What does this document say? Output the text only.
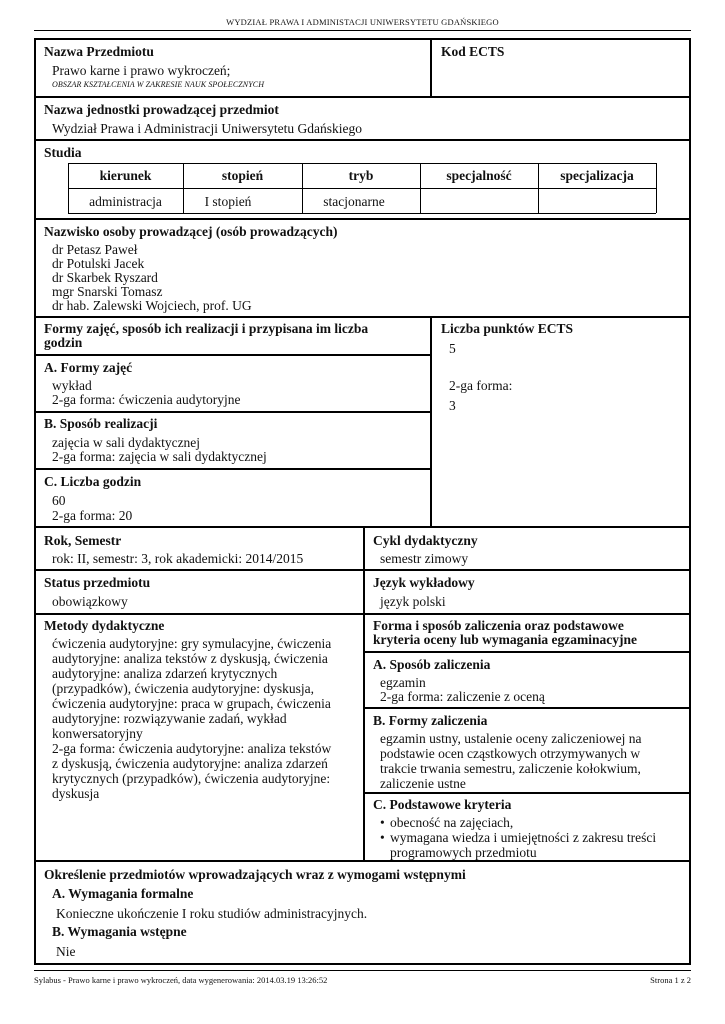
WYDZIAŁ PRAWA I ADMINISTACJI UNIWERSYTETU GDAŃSKIEGO
Nazwa Przedmiotu
Prawo karne i prawo wykroczeń;
OBSZAR KSZTAŁCENIA W ZAKRESIE NAUK SPOŁECZNYCH
Kod ECTS
Nazwa jednostki prowadzącej przedmiot
Wydział Prawa i Administracji Uniwersytetu Gdańskiego
Studia
kierunek	stopień	tryb	specjalność	specjalizacja
administracja	I stopień	stacjonarne
Nazwisko osoby prowadzącej (osób prowadzących)
dr Petasz Paweł
dr Potulski Jacek
dr Skarbek Ryszard
mgr Snarski Tomasz
dr hab. Zalewski Wojciech, prof. UG
Formy zajęć, sposób ich realizacji i przypisana im liczba
godzin
A. Formy zajęć
wykład
2-ga forma: ćwiczenia audytoryjne
B. Sposób realizacji
zajęcia w sali dydaktycznej
2-ga forma: zajęcia w sali dydaktycznej
C. Liczba godzin
60
2-ga forma: 20
Liczba punktów ECTS
5
2-ga forma:
3
Rok, Semestr
rok: II, semestr: 3, rok akademicki: 2014/2015
Cykl dydaktyczny
semestr zimowy
Status przedmiotu
obowiązkowy
Język wykładowy
język polski
Metody dydaktyczne
ćwiczenia audytoryjne: gry symulacyjne, ćwiczenia
audytoryjne: analiza tekstów z dyskusją, ćwiczenia
audytoryjne: analiza zdarzeń krytycznych
(przypadków), ćwiczenia audytoryjne: dyskusja,
ćwiczenia audytoryjne: praca w grupach, ćwiczenia
audytoryjne: rozwiązywanie zadań, wykład
konwersatoryjny
2-ga forma: ćwiczenia audytoryjne: analiza tekstów
z dyskusją, ćwiczenia audytoryjne: analiza zdarzeń
krytycznych (przypadków), ćwiczenia audytoryjne:
dyskusja
Forma i sposób zaliczenia oraz podstawowe
kryteria oceny lub wymagania egzaminacyjne
A. Sposób zaliczenia
egzamin
2-ga forma: zaliczenie z oceną
B. Formy zaliczenia
egzamin ustny, ustalenie oceny zaliczeniowej na
podstawie ocen cząstkowych otrzymywanych w
trakcie trwania semestru, zaliczenie kołokwium,
zaliczenie ustne
C. Podstawowe kryteria
• obecność na zajęciach,
• wymagana wiedza i umiejętności z zakresu treści
programowych przedmiotu
Określenie przedmiotów wprowadzających wraz z wymogami wstępnymi
A. Wymagania formalne
Konieczne ukończenie I roku studiów administracyjnych.
B. Wymagania wstępne
Nie
Sylabus - Prawo karne i prawo wykroczeń, data wygenerowania: 2014.03.19 13:26:52	Strona 1 z 2
